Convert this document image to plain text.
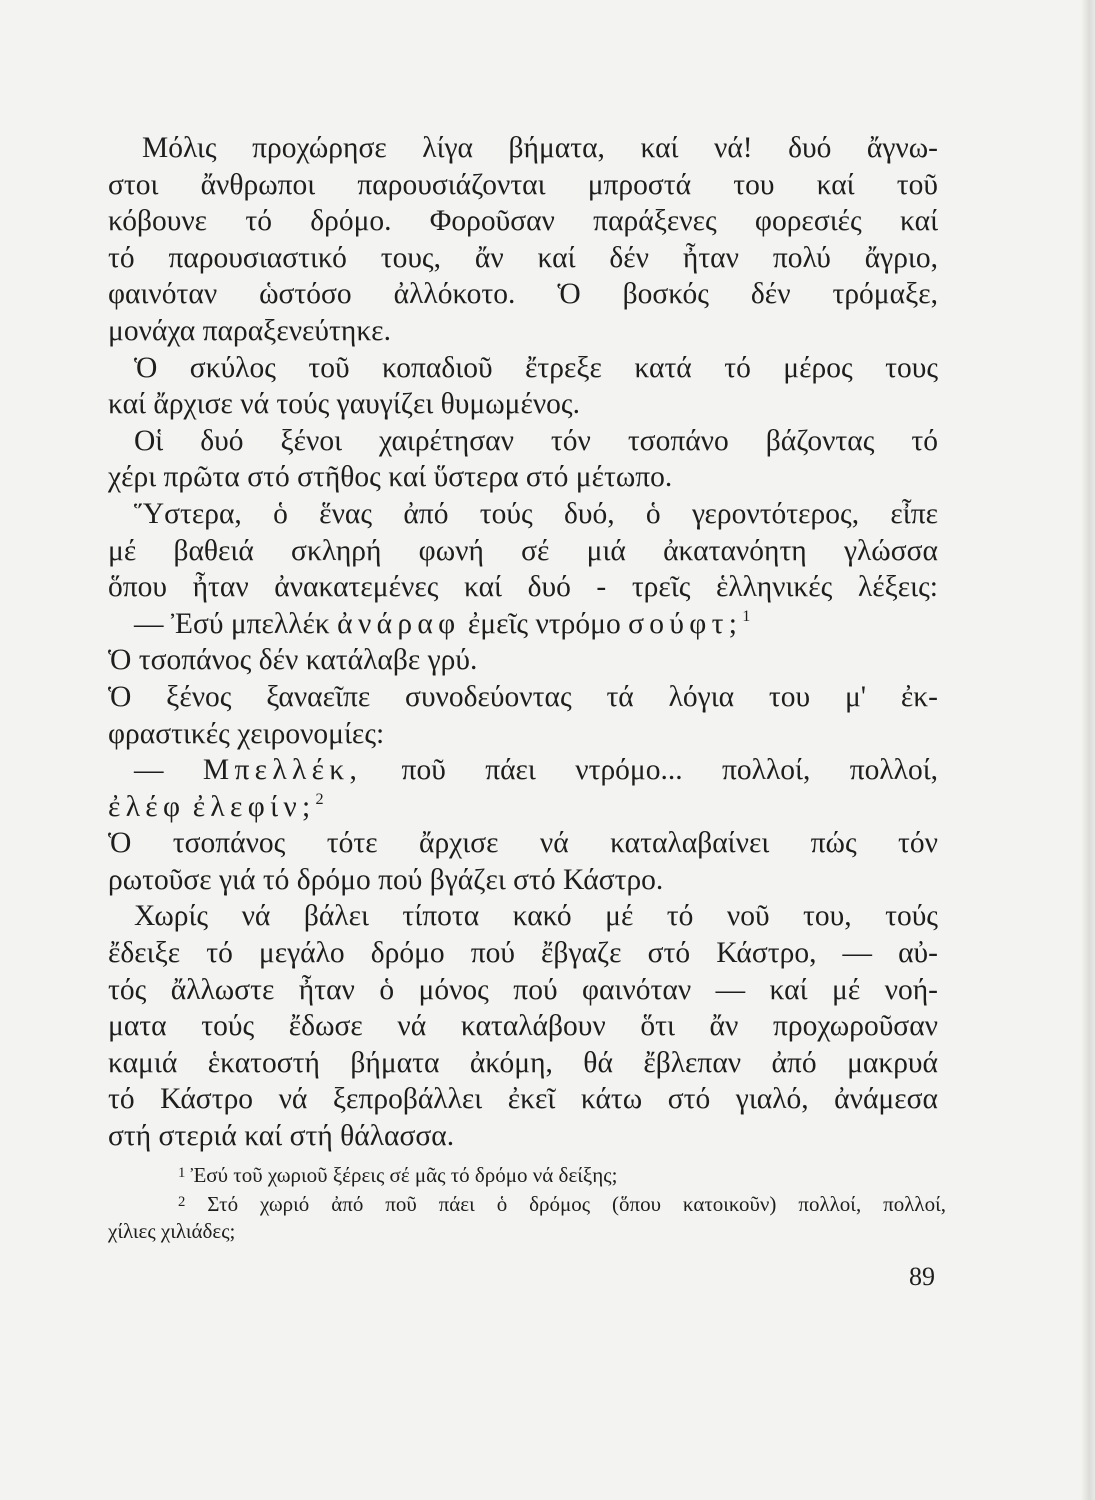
Μόλις προχώρησε λίγα βήματα, καί νά! δυό ἄγνω-
στοι ἄνθρωποι παρουσιάζονται μπροστά του καί τοῦ
κόβουνε τό δρόμο. Φοροῦσαν παράξενες φορεσιές καί
τό παρουσιαστικό τους, ἄν καί δέν ἦταν πολύ ἄγριο,
φαινόταν ὡστόσο ἀλλόκοτο. Ὁ βοσκός δέν τρόμαξε,
μονάχα παραξενεύτηκε.
Ὁ σκύλος τοῦ κοπαδιοῦ ἔτρεξε κατά τό μέρος τους
καί ἄρχισε νά τούς γαυγίζει θυμωμένος.
Οἱ δυό ξένοι χαιρέτησαν τόν τσοπάνο βάζοντας τό
χέρι πρῶτα στό στῆθος καί ὕστερα στό μέτωπο.
Ὕστερα, ὁ ἕνας ἀπό τούς δυό, ὁ γεροντότερος, εἶπε
μέ βαθειά σκληρή φωνή σέ μιά ἀκατανόητη γλώσσα
ὅπου ἦταν ἀνακατεμένες καί δυό - τρεῖς ἑλληνικές λέξεις:
— Ἐσύ μπελλέκ ἀνάραφ ἐμεῖς ντρόμο σούφτ;$^1$
Ὁ τσοπάνος δέν κατάλαβε γρύ.
Ὁ ξένος ξαναεῖπε συνοδεύοντας τά λόγια του μ' ἐκ-
φραστικές χειρονομίες:
— Μπελλέκ, ποῦ πάει ντρόμο... πολλοί, πολλοί,
ἐλέφ ἐλεφίν;$^2$
Ὁ τσοπάνος τότε ἄρχισε νά καταλαβαίνει πώς τόν
ρωτοῦσε γιά τό δρόμο πού βγάζει στό Κάστρο.
Χωρίς νά βάλει τίποτα κακό μέ τό νοῦ του, τούς
ἔδειξε τό μεγάλο δρόμο πού ἔβγαζε στό Κάστρο, — αὐ-
τός ἄλλωστε ἦταν ὁ μόνος πού φαινόταν — καί μέ νοή-
ματα τούς ἔδωσε νά καταλάβουν ὅτι ἄν προχωροῦσαν
καμιά ἑκατοστή βήματα ἀκόμη, θά ἔβλεπαν ἀπό μακρυά
τό Κάστρο νά ξεπροβάλλει ἐκεῖ κάτω στό γιαλό, ἀνάμεσα
στή στεριά καί στή θάλασσα.
$^1$ Ἐσύ τοῦ χωριοῦ ξέρεις σέ μᾶς τό δρόμο νά δείξης;
$^2$ Στό χωριό ἀπό ποῦ πάει ὁ δρόμος (ὅπου κατοικοῦν) πολλοί, πολλοί,
χίλιες χιλιάδες;
89
